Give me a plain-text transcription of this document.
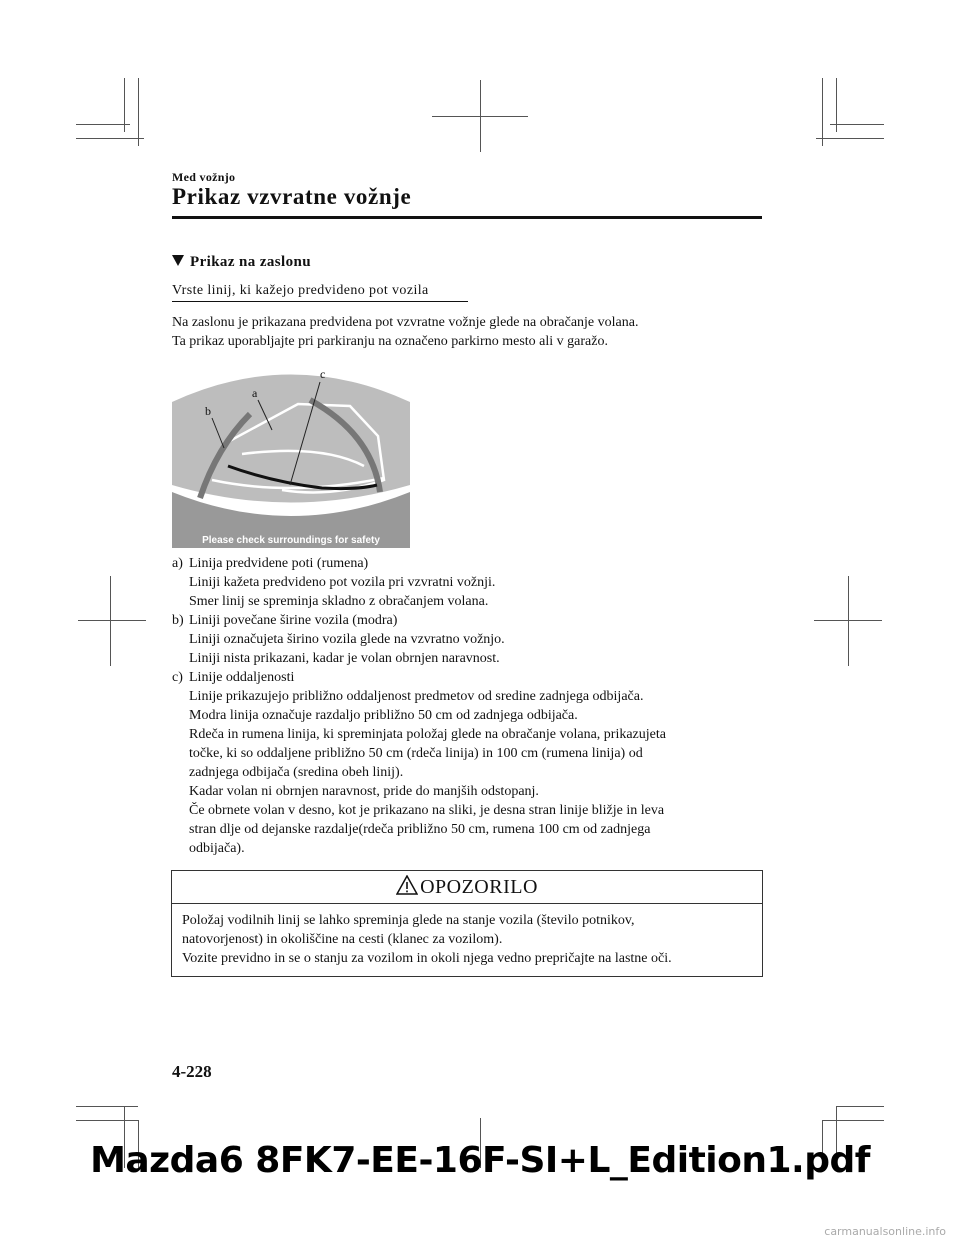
Med vožnjo
Prikaz vzvratne vožnje
Prikaz na zaslonu
Vrste linij, ki kažejo predvideno pot vozila
Na zaslonu je prikazana predvidena pot vzvratne vožnje glede na obračanje volana.
Ta prikaz uporabljajte pri parkiranju na označeno parkirno mesto ali v garažo.
b
a
c
Please check surroundings for safety
a) Linija predvidene poti (rumena)
Liniji kažeta predvideno pot vozila pri vzvratni vožnji.
Smer linij se spreminja skladno z obračanjem volana.
b) Liniji povečane širine vozila (modra)
Liniji označujeta širino vozila glede na vzvratno vožnjo.
Liniji nista prikazani, kadar je volan obrnjen naravnost.
c) Linije oddaljenosti
Linije prikazujejo približno oddaljenost predmetov od sredine zadnjega odbijača.
Modra linija označuje razdaljo približno 50 cm od zadnjega odbijača.
Rdeča in rumena linija, ki spreminjata položaj glede na obračanje volana, prikazujeta
točke, ki so oddaljene približno 50 cm (rdeča linija) in 100 cm (rumena linija) od
zadnjega odbijača (sredina obeh linij).
Kadar volan ni obrnjen naravnost, pride do manjših odstopanj.
Če obrnete volan v desno, kot je prikazano na sliki, je desna stran linije bližje in leva
stran dlje od dejanske razdalje(rdeča približno 50 cm, rumena 100 cm od zadnjega
odbijača).
OPOZORILO
Položaj vodilnih linij se lahko spreminja glede na stanje vozila (število potnikov,
natovorjenost) in okoliščine na cesti (klanec za vozilom).
Vozite previdno in se o stanju za vozilom in okoli njega vedno prepričajte na lastne oči.
4-228
Mazda6 8FK7-EE-16F-SI+L_Edition1.pdf
carmanualsonline.info
